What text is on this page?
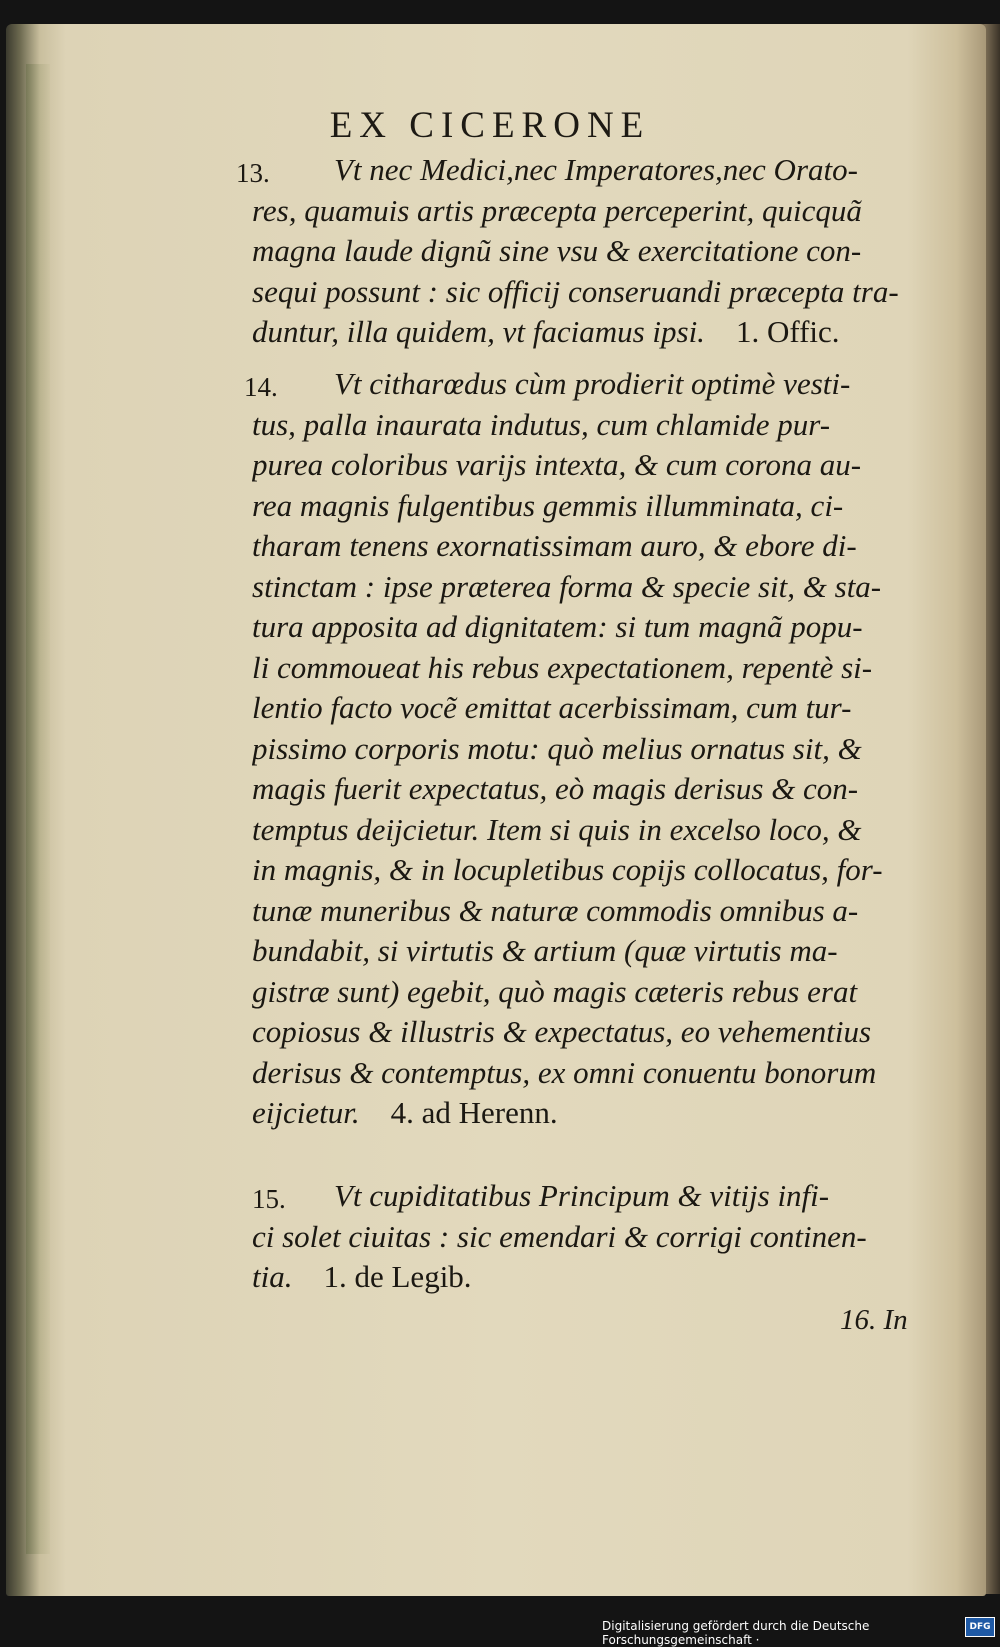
EX CICERONE
13.	Vt nec Medici,nec Imperatores,nec Orato-
res, quamuis artis præcepta perceperint, quicquã
magna laude dignũ sine vsu & exercitatione con-
sequi possunt : sic officij conseruandi præcepta tra-
duntur, illa quidem, vt faciamus ipsi. 1. Offic.
14.	Vt citharœdus cùm prodierit optimè vesti-
tus, palla inaurata indutus, cum chlamide pur-
purea coloribus varijs intexta, & cum corona au-
rea magnis fulgentibus gemmis illumminata, ci-
tharam tenens exornatissimam auro, & ebore di-
stinctam : ipse præterea forma & specie sit, & sta-
tura apposita ad dignitatem: si tum magnã popu-
li commoueat his rebus expectationem, repentè si-
lentio facto vocẽ emittat acerbissimam, cum tur-
pissimo corporis motu: quò melius ornatus sit, &
magis fuerit expectatus, eò magis derisus & con-
temptus deijcietur. Item si quis in excelso loco, &
in magnis, & in locupletibus copijs collocatus, for-
tunæ muneribus & naturæ commodis omnibus a-
bundabit, si virtutis & artium (quæ virtutis ma-
gistræ sunt) egebit, quò magis cæteris rebus erat
copiosus & illustris & expectatus, eo vehementius
derisus & contemptus, ex omni conuentu bonorum
eijcietur. 4. ad Herenn.
15.	Vt cupiditatibus Principum & vitijs infi-
ci solet ciuitas : sic emendari & corrigi continen-
tia. 1. de Legib.
16. In
Digitalisierung gefördert durch die Deutsche Forschungsgemeinschaft ·
DFG
